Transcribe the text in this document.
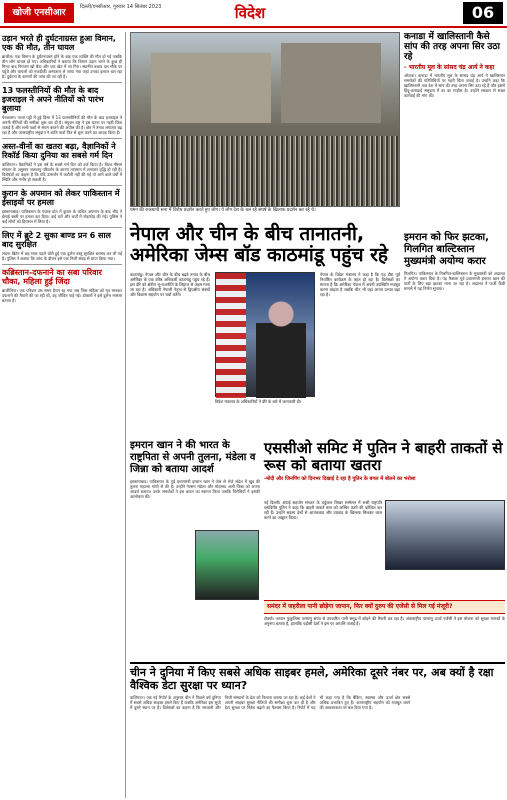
खोजी एनसीआर
दिल्ली/एनसीआर, गुरुवार 14 सितंबर 2023	विदेश	06
उड़ान भरते ही दुर्घटनाग्रस्त हुआ विमान, एक की मौत, तीन घायल

ब्राजील। एक विमान के दुर्घटनाग्रस्त होने के बाद एक व्यक्ति की मौत हो गई जबकि तीन लोग घायल हो गए। अधिकारियों ने बताया कि विमान उड़ान भरने के कुछ ही मिनट बाद नियंत्रण खो बैठा और एक खेत में जा गिरा। स्थानीय बचाव दल मौके पर पहुंचे और घायलों को नजदीकी अस्पताल ले जाया गया जहां उनका इलाज चल रहा है। दुर्घटना के कारणों की जांच की जा रही है।

13 फलस्तीनियों की मौत के बाद इजराइल ने अपने नीतियों को पारंभ बुलाया

येरुशलम। गाजा पट्टी में हुई हिंसा में 13 फलस्तीनियों की मौत के बाद इजराइल ने अपनी नीतियों की समीक्षा शुरू कर दी है। संयुक्त राष्ट्र ने इस घटना पर गहरी चिंता जताई है और सभी पक्षों से संयम बरतने की अपील की है। क्षेत्र में तनाव लगातार बढ़ रहा है और अंतरराष्ट्रीय समुदाय ने शांति वार्ता फिर से शुरू करने का आग्रह किया है।

अस्त-वीनों का खतरा बढ़ा, वैज्ञानिकों ने रिकॉर्ड किया दुनिया का सबसे गर्म दिन

वाशिंगटन। वैज्ञानिकों ने इस वर्ष के सबसे गर्म दिन को दर्ज किया है। विश्व मौसम संगठन के अनुसार जलवायु परिवर्तन के कारण तापमान में लगातार वृद्धि हो रही है। विशेषज्ञों का कहना है कि यदि उत्सर्जन में कटौती नहीं की गई तो आने वाले वर्षों में स्थिति और गंभीर हो सकती है।

कुरान के अपमान को लेकर पाकिस्तान में ईसाइयों पर हमला

इस्लामाबाद। पाकिस्तान के पंजाब प्रांत में कुरान के कथित अपमान के बाद भीड़ ने ईसाई बस्ती पर हमला कर दिया। कई घरों और चर्चों में तोड़फोड़ की गई। पुलिस ने कई लोगों को हिरासत में लिया है।

लिए में ब्रुटे 2 सुका बाण्ड प्रन 6 साल बाद सुरक्षित

लंदन। ब्रिटेन में छह साल पहले चोरी हुई एक दुर्लभ वस्तु सुरक्षित बरामद कर ली गई है। पुलिस ने बताया कि जांच के दौरान इसे एक निजी संग्रह से प्राप्त किया गया।

कब्रिस्तान-दफनाने का सबा परिवार चौका, महिला हुई जिंदा

ब्राजीलिया। एक परिवार उस समय हैरान रह गया जब जिस महिला को मृत मानकर दफनाने की तैयारी की जा रही थी, वह जीवित पाई गई। डॉक्टरों ने इसे दुर्लभ मामला बताया है।

यमन की राजधानी सना में विरोध प्रदर्शन करते हुए लोग। ये लोग देश के चल रहे संघर्ष के खिलाफ प्रदर्शन कर रहे थे।
कनाडा में खालिस्तानी कैसे सांप की तरह अपना सिर उठा रहे
- भारतीय मूल के सांसद चंद्र आर्य ने कहा

ओटावा। कनाडा में भारतीय मूल के सांसद चंद्र आर्य ने खालिस्तान समर्थकों की गतिविधियों पर गहरी चिंता जताई है। उन्होंने कहा कि खालिस्तानी तत्व देश में सांप की तरह अपना सिर उठा रहे हैं और इससे हिंदू-कनाडाई समुदाय में डर का माहौल है। उन्होंने सरकार से सख्त कार्रवाई की मांग की।

नेपाल और चीन के बीच तानातनी, अमेरिका जेम्स बॉड काठमांडू पहुंच रहे
काठमांडू। नेपाल और चीन के बीच बढ़ते तनाव के बीच अमेरिका के एक वरिष्ठ अधिकारी काठमांडू पहुंच रहे हैं। इस दौरे को क्षेत्रीय भू-राजनीति के लिहाज से अहम माना जा रहा है। अधिकारी नेपाली नेतृत्व से द्विपक्षीय संबंधों और विकास सहयोग पर चर्चा करेंगे।
विदेश मंत्रालय के अधिकारियों ने दौरे के बारे में जानकारी दी।
नेपाल के विदेश मंत्रालय ने कहा है कि यह दौरा पूर्व निर्धारित कार्यक्रम के तहत हो रहा है। विशेषज्ञों का मानना है कि अमेरिका नेपाल में अपनी उपस्थिति मजबूत करना चाहता है जबकि चीन भी वहां अपना प्रभाव बढ़ा रहा है।
इमरान को फिर झटका, गिलगित बाल्टिस्तान मुख्यमंत्री अयोग्य करार

गिलगित। पाकिस्तान के गिलगित-बाल्टिस्तान के मुख्यमंत्री को अदालत ने अयोग्य करार दिया है। यह फैसला पूर्व प्रधानमंत्री इमरान खान की पार्टी के लिए बड़ा झटका माना जा रहा है। अदालत ने फर्जी डिग्री मामले में यह निर्णय सुनाया।

इमरान खान ने की भारत के राष्ट्रपिता से अपनी तुलना, मंडेला व जिन्ना को बताया आदर्श

इस्लामाबाद। पाकिस्तान के पूर्व प्रधानमंत्री इमरान खान ने जेल से भेजे संदेश में खुद की तुलना महात्मा गांधी से की है। उन्होंने नेल्सन मंडेला और मोहम्मद अली जिन्ना को अपना आदर्श बताया। उनके समर्थकों ने इस बयान का स्वागत किया जबकि विरोधियों ने इसकी आलोचना की।

एससीओ समिट में पुतिन ने बाहरी ताकतों से रूस को बताया खतरा
-मोदी और जिनपिंग को दिनभर दिखाई दे रहा है पुतिन के बगल में बोलने का भरोसा
नई दिल्ली। शंघाई सहयोग संगठन के वर्चुअल शिखर सम्मेलन में रूसी राष्ट्रपति व्लादिमीर पुतिन ने कहा कि बाहरी ताकतें रूस को अस्थिर करने की कोशिश कर रही हैं। उन्होंने सदस्य देशों से आतंकवाद और उग्रवाद के खिलाफ मिलकर काम करने का आह्वान किया।
समंदर में जहरीला पानी छोड़ेगा जापान, फिर क्यों दुरुप की एजेंसी से मिल गई मंजूरी?
टोक्यो। जापान फुकुशिमा परमाणु संयंत्र से उपचारित पानी समुद्र में छोड़ने की तैयारी कर रहा है। अंतरराष्ट्रीय परमाणु ऊर्जा एजेंसी ने इस योजना को सुरक्षा मानकों के अनुरूप बताया है, हालांकि पड़ोसी देशों ने इस पर आपत्ति जताई है।
चीन ने दुनिया में किए सबसे अधिक साइबर हमले, अमेरिका दूसरे नंबर पर, अब क्यों है रक्षा वैश्विक डेटा सुरक्षा पर ध्यान?

वाशिंगटन। एक नई रिपोर्ट के अनुसार चीन ने पिछले वर्ष दुनिया में सबसे अधिक साइबर हमले किए हैं जबकि अमेरिका इस सूची में दूसरे स्थान पर है। विशेषज्ञों का कहना है कि सरकारी और निजी संस्थानों के डेटा को निशाना बनाया जा रहा है। कई देशों ने अपनी साइबर सुरक्षा नीतियों की समीक्षा शुरू कर दी है और डेटा सुरक्षा पर निवेश बढ़ाने का फैसला किया है। रिपोर्ट में यह भी कहा गया है कि बैंकिंग, स्वास्थ्य और ऊर्जा क्षेत्र सबसे अधिक प्रभावित हुए हैं। अंतरराष्ट्रीय सहयोग को मजबूत करने की आवश्यकता पर बल दिया गया है।
